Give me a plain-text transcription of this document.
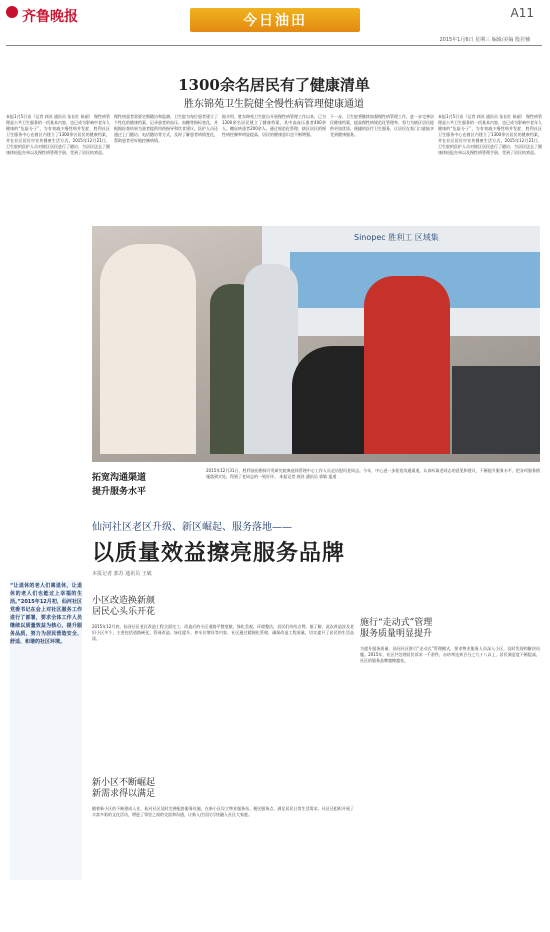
齐鲁晚报	今日油田	A11
2015年1月6日 星期三 编辑/美编 殷若楠
1300余名居民有了健康清单
胜东锦苑卫生院健全慢性病管理健康通道
本报1月5日讯（记者 郭苏 通讯员 张长红 陈丽） 慢性病管理是公共卫生服务的一项基本内容，也已成为影响中老年人健康的“危险分子”，为有效减少慢性病并发症，胜利社区卫生服务中心在辖区内建立了1300余名居民的健康档案，并在社区居民中宣传健康生活方式。2015年12月21日，卫生院的医护人员对辖区居民进行了随访，为居民送去了健康体检报告单以及慢性病管理手册，受到了居民的欢迎。
慢性病患者需要定期随访和监测，卫生院为每位患者建立了个性化的健康档案，记录患者的血压、血糖等指标变化，并根据检查结果为患者提供用药指导和饮食建议。医护人员还通过上门随访、电话随访等方式，及时了解患者病情变化，帮助患者更好地控制病情。
据介绍，胜东锦苑卫生院自开展慢性病管理工作以来，已为1300余名居民建立了健康档案，其中高血压患者400余人，糖尿病患者200余人。通过规范化管理，辖区居民的慢性病控制率明显提高，居民的健康意识也不断增强。
下一步，卫生院将继续加强慢性病管理工作，进一步完善居民健康档案，提高慢性病规范化管理率，努力为辖区居民提供更加优质、便捷的医疗卫生服务，让居民在家门口就能享受到健康服务。
本报1月5日讯（记者 郭苏 通讯员 张长红 陈丽） 慢性病管理是公共卫生服务的一项基本内容，也已成为影响中老年人健康的“危险分子”，为有效减少慢性病并发症，胜利社区卫生服务中心在辖区内建立了1300余名居民的健康档案，并在社区居民中宣传健康生活方式。2015年12月21日，卫生院的医护人员对辖区居民进行了随访，为居民送去了健康体检报告单以及慢性病管理手册，受到了居民的欢迎。
Sinopec 胜利工 区域集
拓宽沟通渠道
提升服务水平
2015年12月31日，胜利油田勘探开发研究院离退休管理中心工作人员走访慰问老同志。今年，中心进一步拓宽沟通渠道，认真听取老同志的意见和建议，不断提升服务水平，把各项服务措施落到实处，得到了老同志的一致好评。 本报记者 郭苏 通讯员 郭敏 报道
仙河社区老区升级、新区崛起、服务落地——
以质量效益擦亮服务品牌
本报记者 郭苏 通讯员 王敏
“让退休的老人们离退休，让退休的老人们也能过上幸福的生活。”2015年12月初，仙河社区党委书记在会上对社区服务工作进行了部署，要求全体工作人员继续以质量效益为核心，提升服务品质，努力为居民营造安全、舒适、和谐的社区环境。
小区改造换新颜
居民心头乐开花
2015年12月底，仙河社区老区改造工程全面完工，改造后的小区道路平整宽敞，绿化美观，环境整洁，居民们纷纷点赞。据了解，此次改造涉及老旧小区多个，主要包括道路硬化、管网改造、绿化提升、停车位增设等内容，社区通过精细化管理，确保改造工程质量，切实提升了居民的生活品质。
新小区不断崛起
新需求得以满足
随着新小区的不断建成入住，仙河社区及时完善配套服务设施，在新小区设立物业服务站、便民服务点，满足居民日常生活需求。社区还组织开展了丰富多彩的文化活动，增进了邻里之间的交流和沟通，让新入住居民尽快融入社区大家庭。
施行“走动式”管理
服务质量明显提升
为提升服务质量，仙河社区推行“走动式”管理模式，要求物业服务人员深入小区，及时发现和解决问题。2015年，社区共处理居民诉求一千余件，办结率达到百分之九十八以上，居民满意度不断提高，社区的服务品牌越擦越亮。
